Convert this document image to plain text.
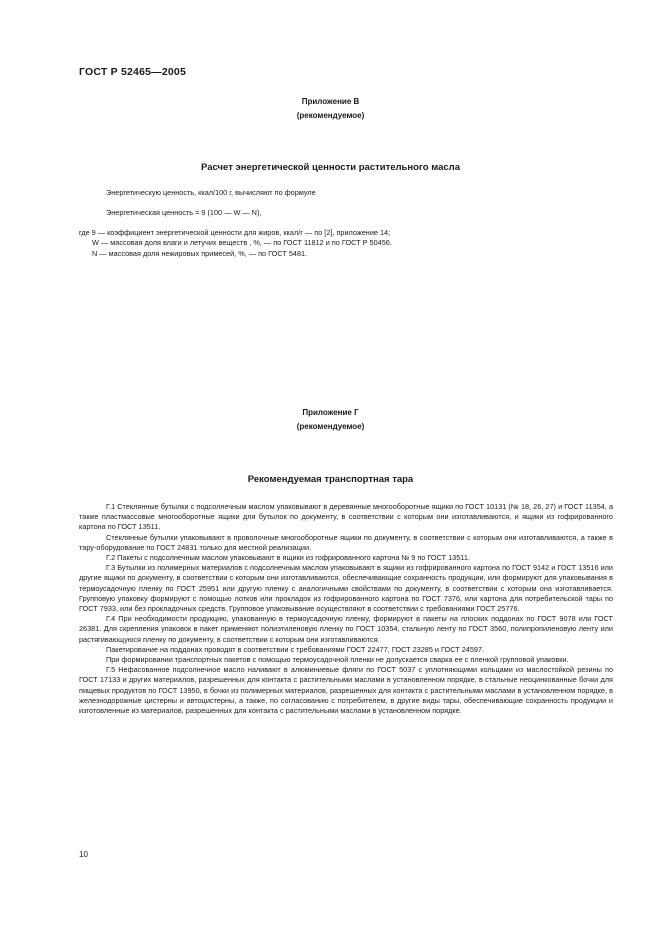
ГОСТ Р 52465—2005
Приложение В
(рекомендуемое)
Расчет энергетической ценности растительного масла
Энергетическую ценность, ккал/100 г, вычисляют по формуле
Энергетическая ценность = 9 (100 — W — N),
где 9 — коэффициент энергетической ценности для жиров, ккал/г — по [2], приложение 14;
W — массовая доля влаги и летучих веществ , %, — по ГОСТ 11812 и по ГОСТ Р 50456.
N — массовая доля нежировых примесей, %, — по ГОСТ 5481.
Приложение Г
(рекомендуемое)
Рекомендуемая транспортная тара
Г.1 Стеклянные бутылки с подсолнечным маслом упаковывают в деревянные многооборотные ящики по ГОСТ 10131 (№ 18, 26, 27) и ГОСТ 11354, а также пластмассовые многооборотные ящики для бутылок по документу, в соответствии с которым они изготавливаются, и ящики из гофрированного картона по ГОСТ 13511.
Стеклянные бутылки упаковывают в проволочные многооборотные ящики по документу, в соответствии с которым они изготавливаются, а также в тару-оборудование по ГОСТ 24831 только для местной реализации.
Г.2 Пакеты с подсолнечным маслом упаковывают в ящики из гофрированного картона № 9 по ГОСТ 13511.
Г.3 Бутылки из полимерных материалов с подсолнечным маслом упаковывают в ящики из гофрированного картона по ГОСТ 9142 и ГОСТ 13516 или другие ящики по документу, в соответствии с которым они изготавливаются, обеспечивающие сохранность продукции, или формируют для упаковывания в термоусадочную пленку по ГОСТ 25951 или другую пленку с аналогичными свойствами по документу, в соответствии с которым она изготавливается. Групповую упаковку формируют с помощью лотков или прокладок из гофрированного картона по ГОСТ 7376, или картона для потребительской тары по ГОСТ 7933, или без прокладочных средств. Групповое упаковывание осуществляют в соответствии с требованиями ГОСТ 25776.
Г.4 При необходимости продукцию, упакованную в термоусадочную пленку, формируют в пакеты на плоских поддонах по ГОСТ 9078 или ГОСТ 26381. Для скрепления упаковок в пакет применяют полиэтиленовую пленку по ГОСТ 10354, стальную ленту по ГОСТ 3560, полипропиленовую ленту или растягивающуюся пленку по документу, в соответствии с которым они изготавливаются.
Пакетирование на поддонах проводят в соответствии с требованиями ГОСТ 22477, ГОСТ 23285 и ГОСТ 24597.
При формировании транспортных пакетов с помощью термоусадочной пленки не допускается сварка ее с пленкой групповой упаковки.
Г.5 Нефасованное подсолнечное масло наливают в алюминиевые фляги по ГОСТ 5037 с уплотняющими кольцами из маслостойкой резины по ГОСТ 17133 и других материалов, разрешенных для контакта с растительными маслами в установленном порядке, в стальные неоцинкованные бочки для пищевых продуктов по ГОСТ 13950, в бочки из полимерных материалов, разрешенных для контакта с растительными маслами в установленном порядке, в железнодорожные цистерны и автоцистерны, а также, по согласованию с потребителем, в другие виды тары, обеспечивающие сохранность продукции и изготовленные из материалов, разрешенных для контакта с растительными маслами в установленном порядке.
10
